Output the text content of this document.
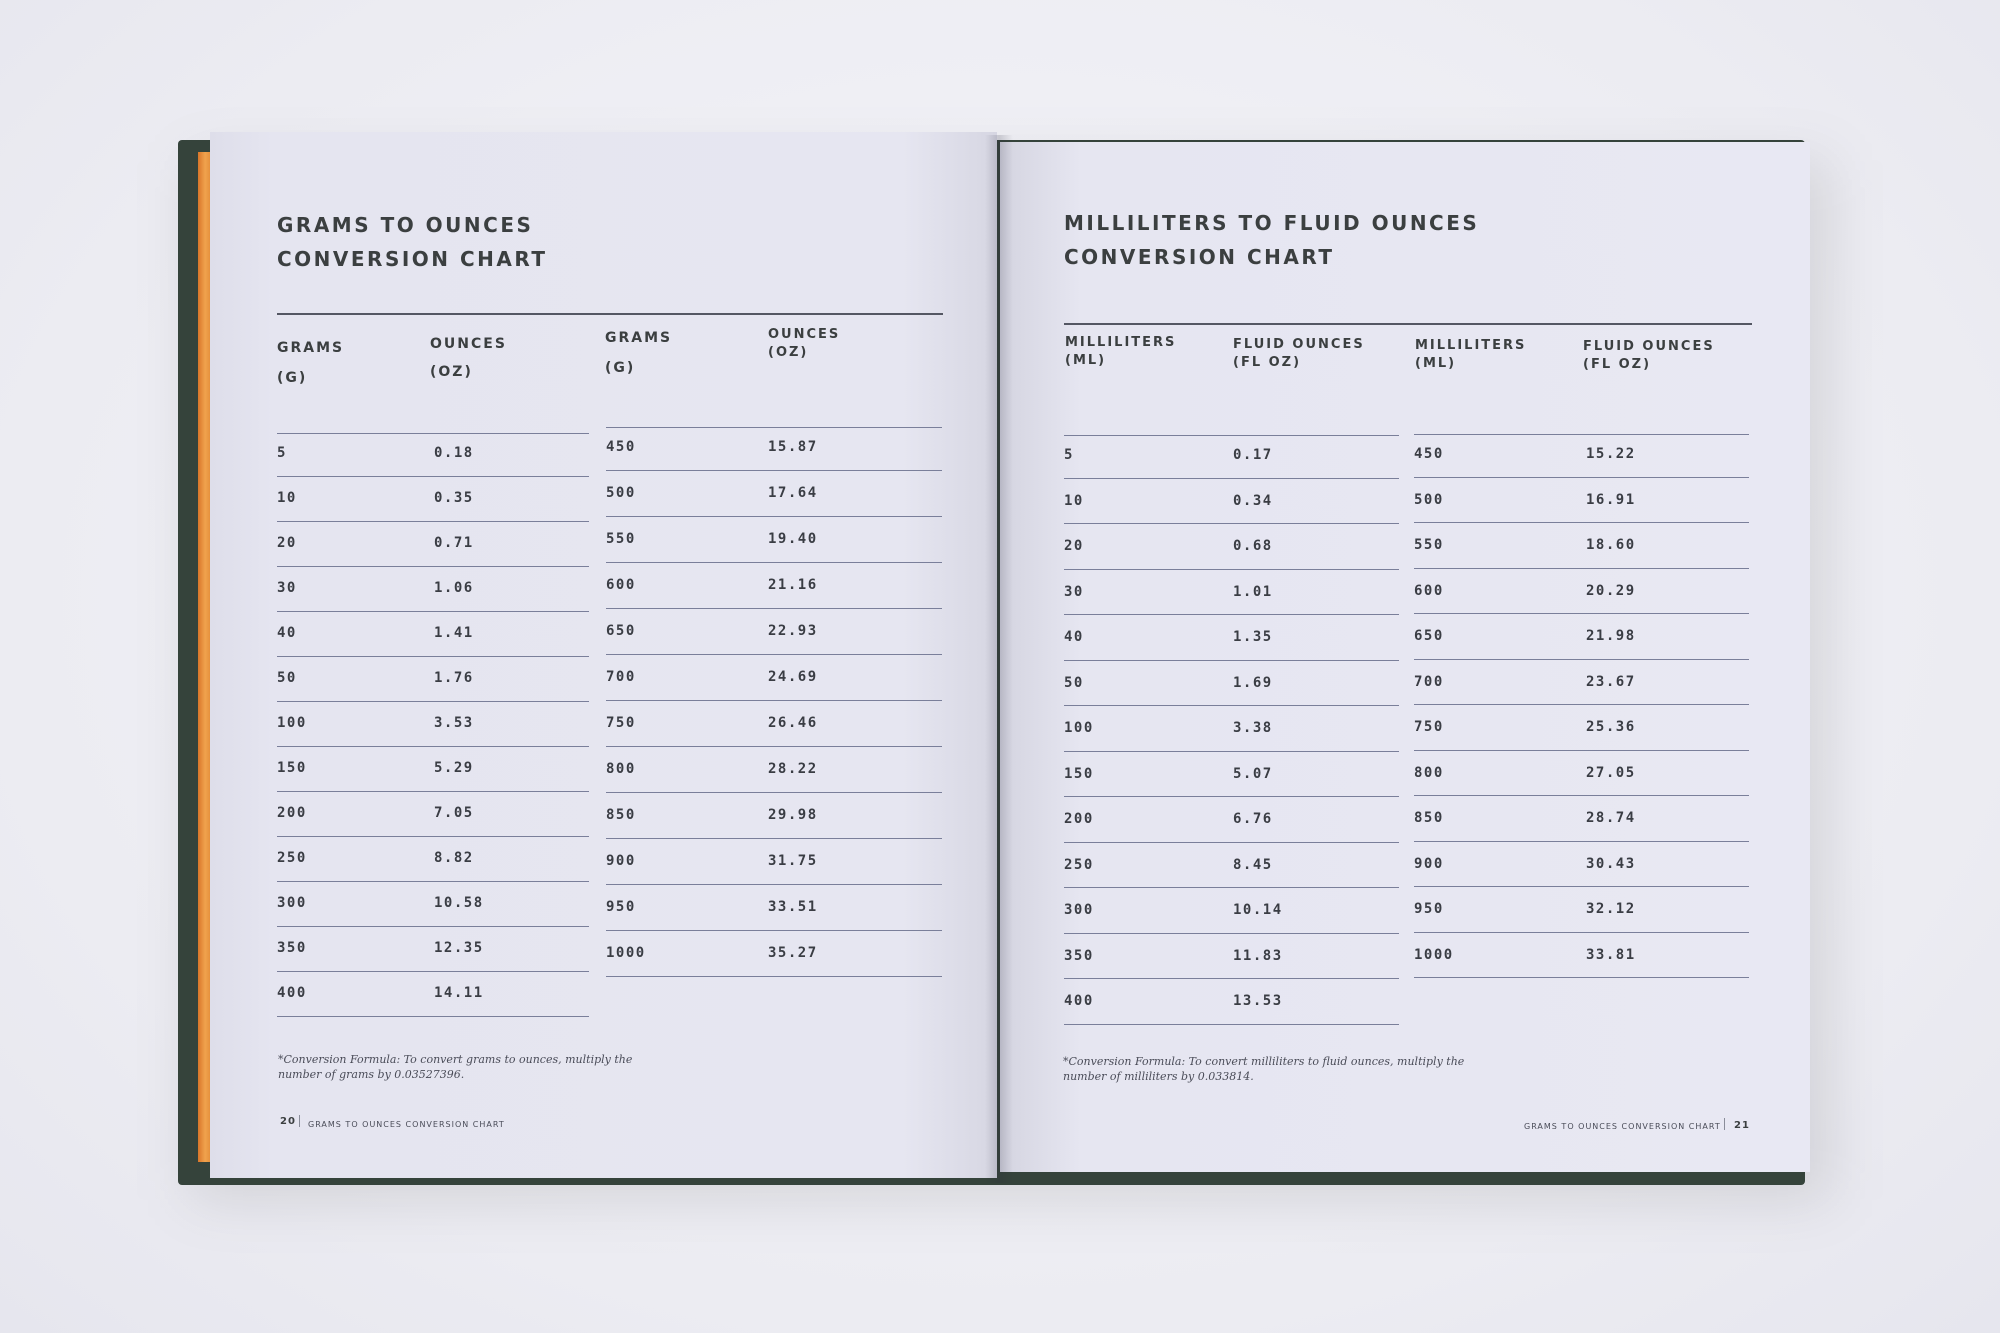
GRAMS TO OUNCES
CONVERSION CHART
GRAMS
(G)
OUNCES
(OZ)
GRAMS
(G)
OUNCES
(OZ)
5	0.18
10	0.35
20	0.71
30	1.06
40	1.41
50	1.76
100	3.53
150	5.29
200	7.05
250	8.82
300	10.58
350	12.35
400	14.11
450	15.87
500	17.64
550	19.40
600	21.16
650	22.93
700	24.69
750	26.46
800	28.22
850	29.98
900	31.75
950	33.51
1000	35.27
*Conversion Formula: To convert grams to ounces, multiply the number of grams by 0.03527396.
20 GRAMS TO OUNCES CONVERSION CHART
MILLILITERS TO FLUID OUNCES
CONVERSION CHART
MILLILITERS
(ML)
FLUID OUNCES
(FL OZ)
MILLILITERS
(ML)
FLUID OUNCES
(FL OZ)
5	0.17
10	0.34
20	0.68
30	1.01
40	1.35
50	1.69
100	3.38
150	5.07
200	6.76
250	8.45
300	10.14
350	11.83
400	13.53
450	15.22
500	16.91
550	18.60
600	20.29
650	21.98
700	23.67
750	25.36
800	27.05
850	28.74
900	30.43
950	32.12
1000	33.81
*Conversion Formula: To convert milliliters to fluid ounces, multiply the number of milliliters by 0.033814.
GRAMS TO OUNCES CONVERSION CHART 21
